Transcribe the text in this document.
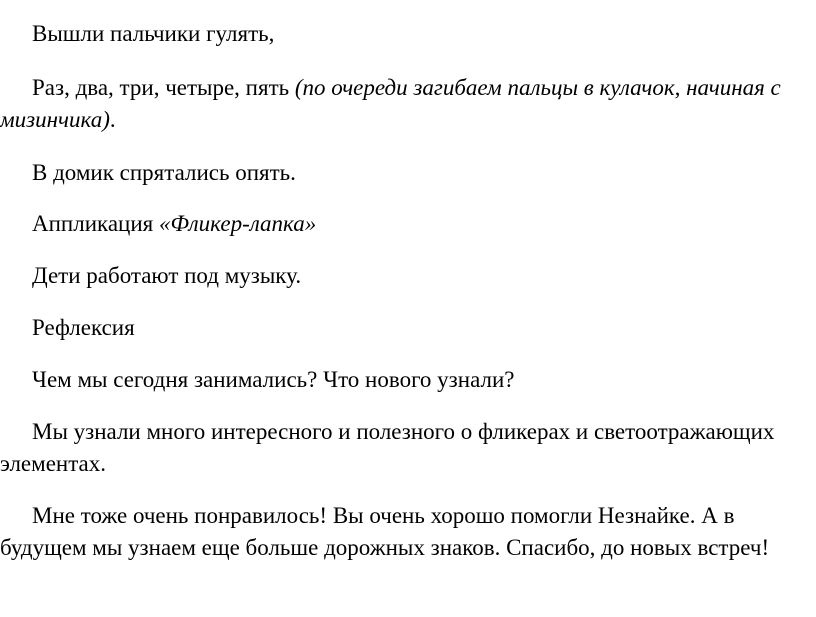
Вышли пальчики гулять,

Раз, два, три, четыре, пять (по очереди загибаем пальцы в кулачок, начиная с мизинчика).

В домик спрятались опять.

Аппликация «Фликер-лапка»

Дети работают под музыку.

Рефлексия

Чем мы сегодня занимались? Что нового узнали?

Мы узнали много интересного и полезного о фликерах и светоотражающих элементах.

Мне тоже очень понравилось! Вы очень хорошо помогли Незнайке. А в будущем мы узнаем еще больше дорожных знаков. Спасибо, до новых встреч!
